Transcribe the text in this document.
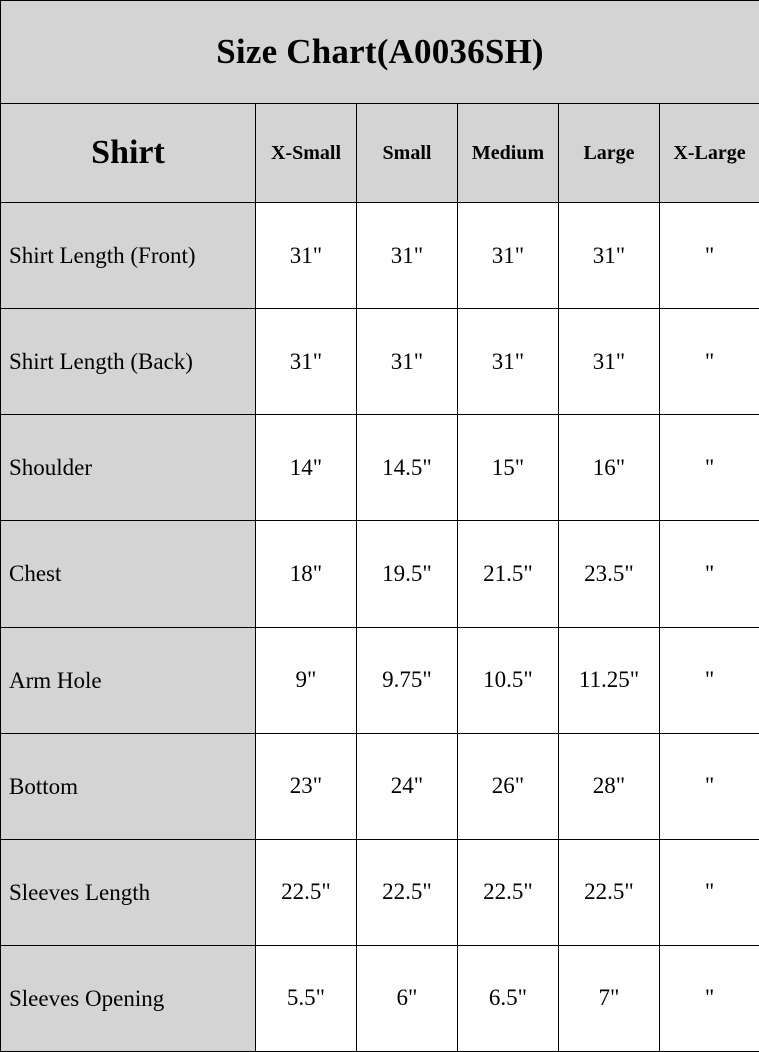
Size Chart(A0036SH)					
Shirt	X-Small	Small	Medium	Large	X-Large
Shirt Length (Front)	31"	31"	31"	31"	"
Shirt Length (Back)	31"	31"	31"	31"	"
Shoulder	14"	14.5"	15"	16"	"
Chest	18"	19.5"	21.5"	23.5"	"
Arm Hole	9"	9.75"	10.5"	11.25"	"
Bottom	23"	24"	26"	28"	"
Sleeves Length	22.5"	22.5"	22.5"	22.5"	"
Sleeves Opening	5.5"	6"	6.5"	7"	"
